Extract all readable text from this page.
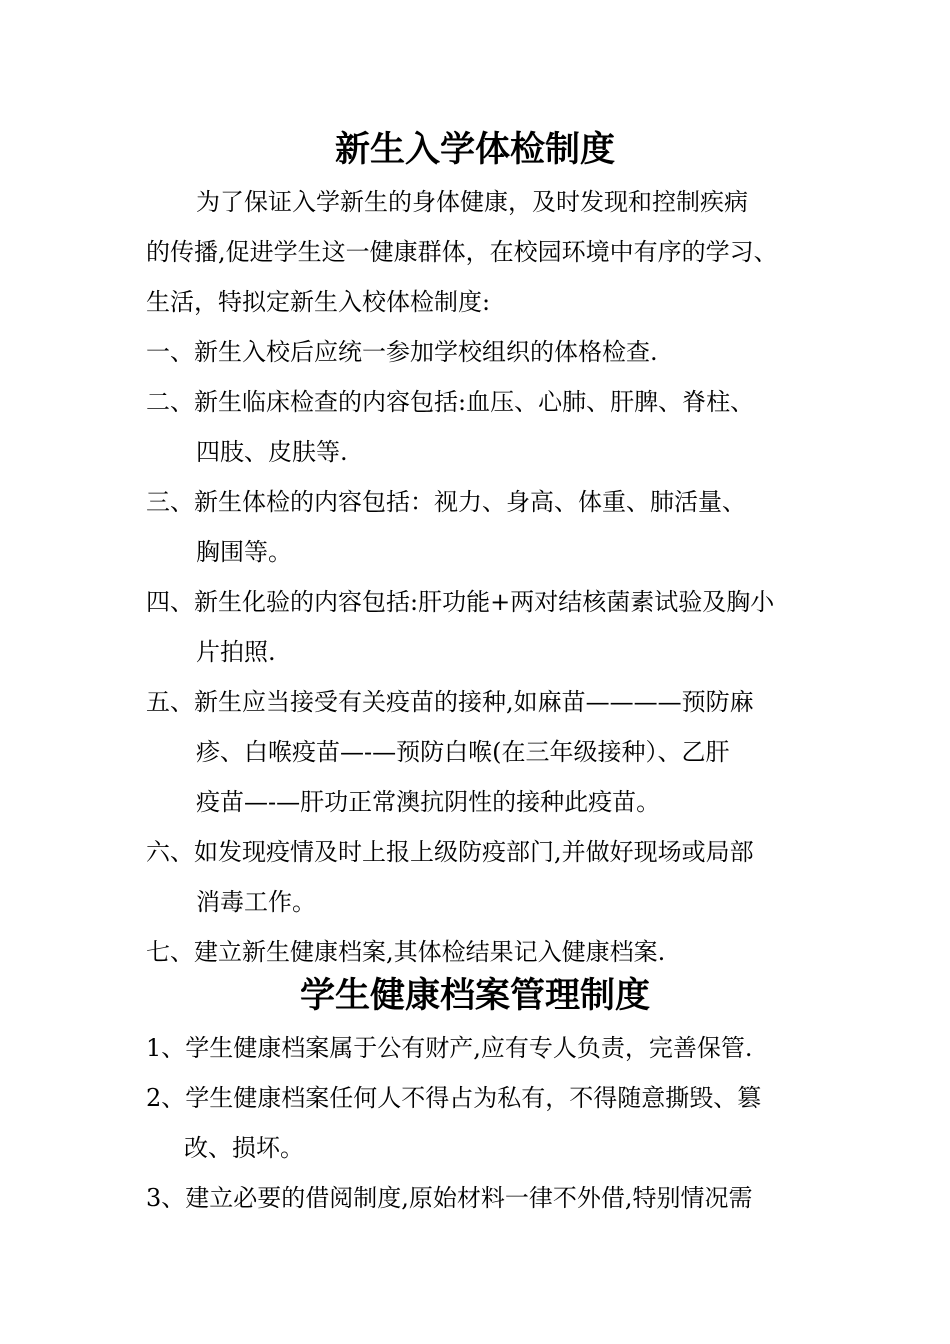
新生入学体检制度
为了保证入学新生的身体健康，及时发现和控制疾病
的传播,促进学生这一健康群体，在校园环境中有序的学习、
生活，特拟定新生入校体检制度:
一、新生入校后应统一参加学校组织的体格检查.
二、新生临床检查的内容包括:血压、心肺、肝脾、脊柱、
四肢、皮肤等.
三、新生体检的内容包括：视力、身高、体重、肺活量、
胸围等。
四、新生化验的内容包括:肝功能+两对结核菌素试验及胸小
片拍照.
五、新生应当接受有关疫苗的接种,如麻苗————预防麻
疹、白喉疫苗—-—预防白喉(在三年级接种）、乙肝
疫苗—-—肝功正常澳抗阴性的接种此疫苗。
六、如发现疫情及时上报上级防疫部门,并做好现场或局部
消毒工作。
七、建立新生健康档案,其体检结果记入健康档案.
学生健康档案管理制度
1、学生健康档案属于公有财产,应有专人负责，完善保管.
2、学生健康档案任何人不得占为私有，不得随意撕毁、篡
改、损坏。
3、建立必要的借阅制度,原始材料一律不外借,特别情况需
